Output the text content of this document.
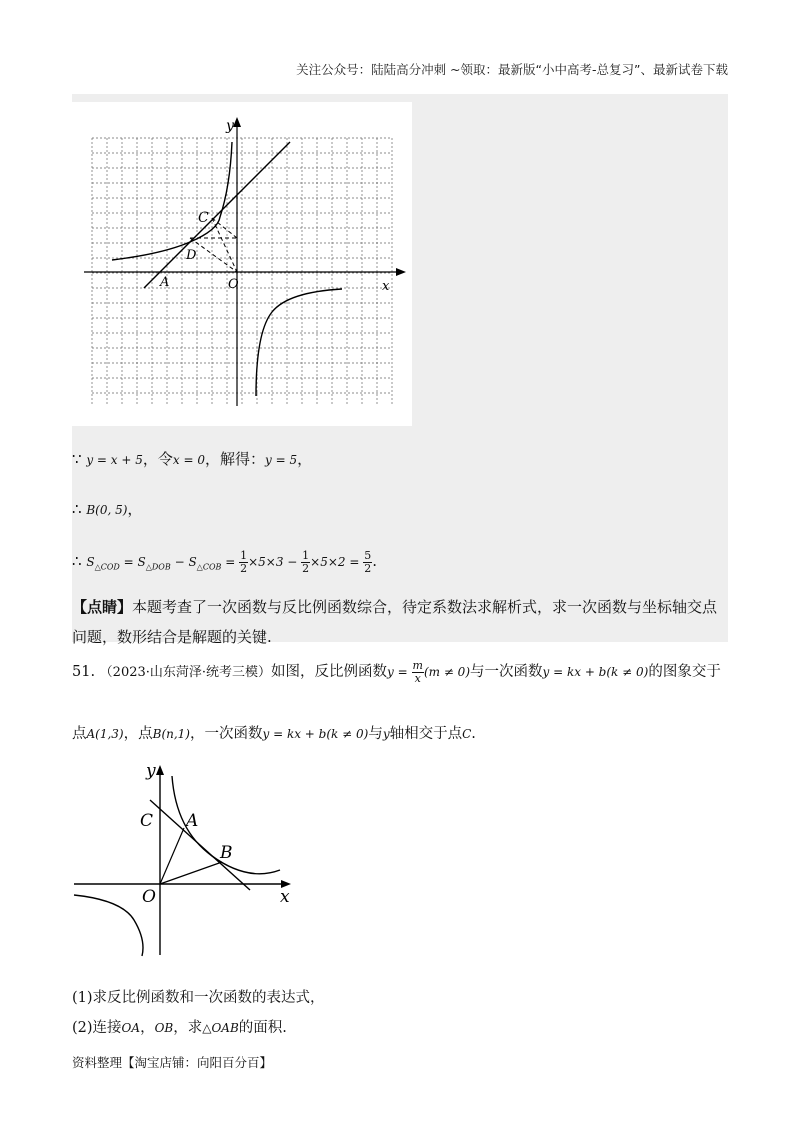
关注公众号：陆陆高分冲刺 ~领取：最新版“小中高考-总复习”、最新试卷下载
y
x
C
D
A	O
∵ y = x + 5，令x = 0，解得：y = 5，
∴ B(0, 5)，
∴ $S_{\triangle COD} = S_{\triangle DOB} - S_{\triangle COB} = \frac{1}{2} \times 5\times 3 - \frac{1}{2} \times 5\times 2 = \frac{5}{2}$ .
【点睛】本题考查了一次函数与反比例函数综合，待定系数法求解析式，求一次函数与坐标轴交点问题，数形结合是解题的关键.
51. （2023·山东菏泽·统考三模）如图，反比例函数$y = \frac{m}{x} (m \ne 0)$与一次函数y = kx + b(k ≠ 0)的图象交于
点A(1,3)，点B(n,1)，一次函数y = kx + b(k ≠ 0)与y轴相交于点C.
y
x
C A
B
O
(1)求反比例函数和一次函数的表达式，
(2)连接OA，OB，求△OAB的面积.
资料整理【淘宝店铺：向阳百分百】
